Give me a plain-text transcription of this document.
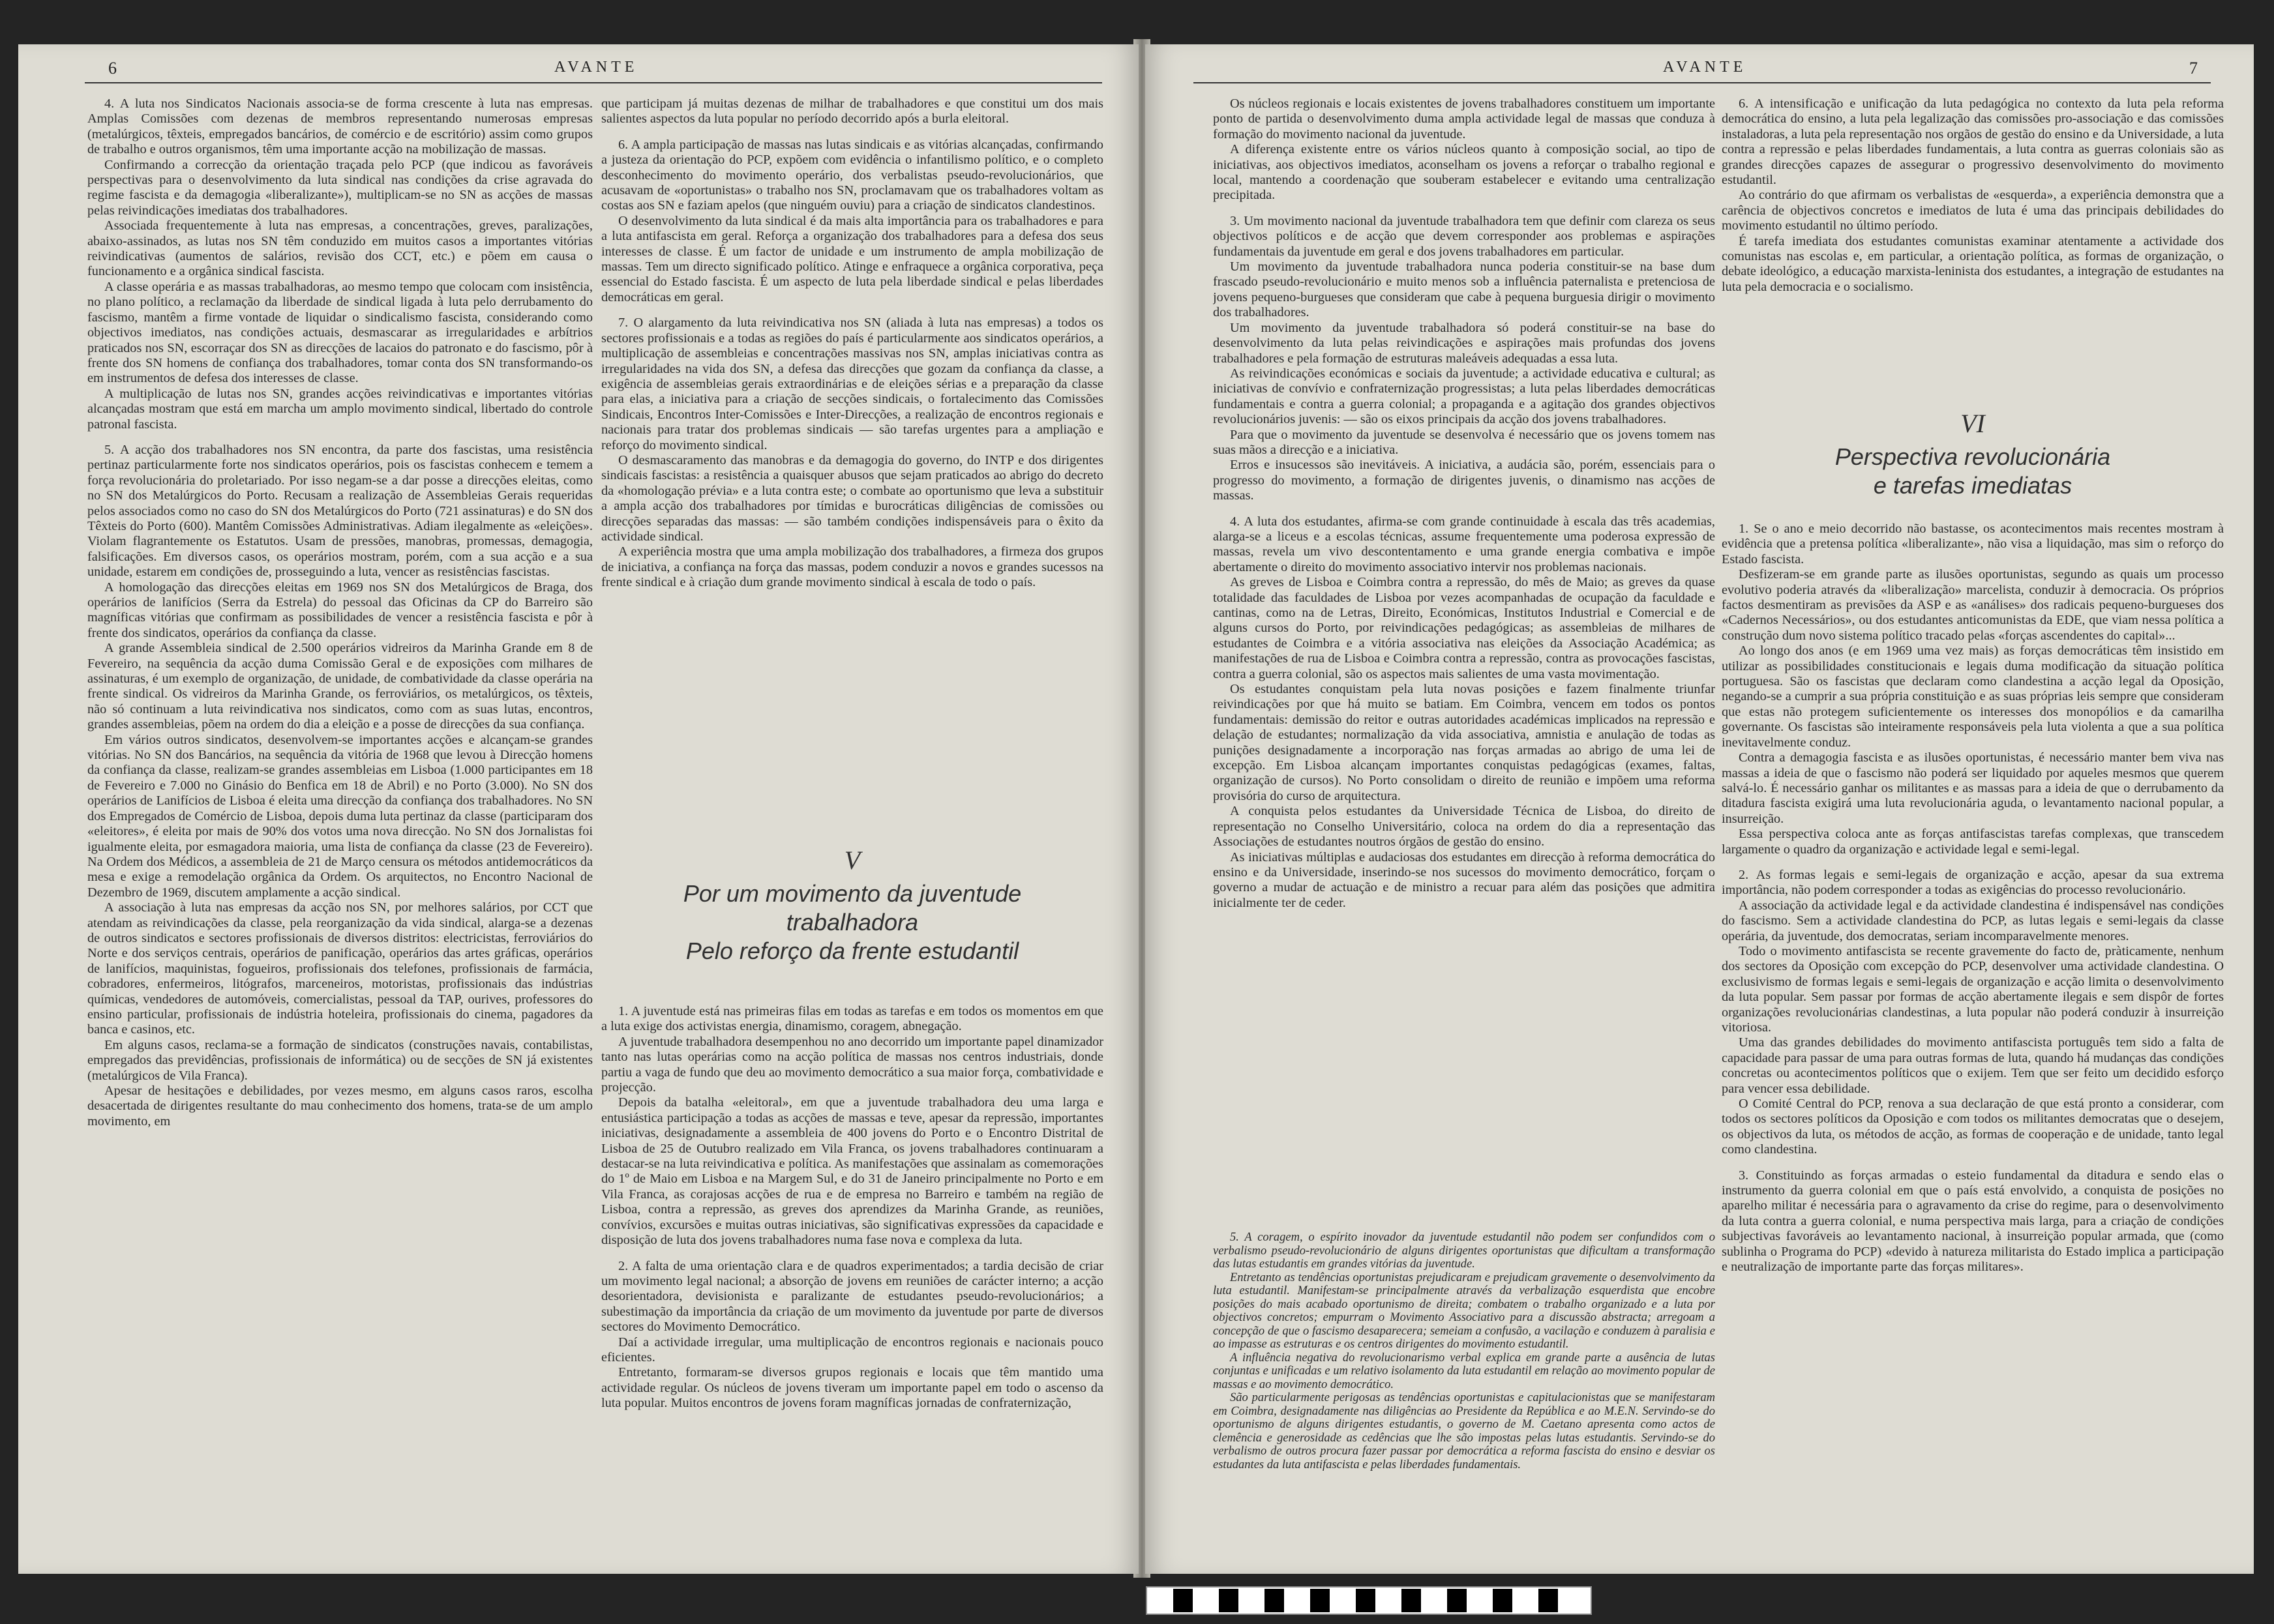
6	AVANTE	AVANTE	7

4. A luta nos Sindicatos Nacionais associa-se de forma crescente à luta nas empresas. Amplas Comissões com dezenas de membros representando numerosas empresas (metalúrgicos, têxteis, empregados bancários, de comércio e de escritório) assim como grupos de trabalho e outros organismos, têm uma importante acção na mobilização de massas.

Confirmando a correcção da orientação traçada pelo PCP (que indicou as favoráveis perspectivas para o desenvolvimento da luta sindical nas condições da crise agravada do regime fascista e da demagogia «liberalizante»), multiplicam-se no SN as acções de massas pelas reivindicações imediatas dos trabalhadores.

Associada frequentemente à luta nas empresas, a concentrações, greves, paralizações, abaixo-assinados, as lutas nos SN têm conduzido em muitos casos a importantes vitórias reivindicativas (aumentos de salários, revisão dos CCT, etc.) e põem em causa o funcionamento e a orgânica sindical fascista.

A classe operária e as massas trabalhadoras, ao mesmo tempo que colocam com insistência, no plano político, a reclamação da liberdade de sindical ligada à luta pelo derrubamento do fascismo, mantêm a firme vontade de liquidar o sindicalismo fascista, considerando como objectivos imediatos, nas condições actuais, desmascarar as irregularidades e arbítrios praticados nos SN, escorraçar dos SN as direcções de lacaios do patronato e do fascismo, pôr à frente dos SN homens de confiança dos trabalhadores, tomar conta dos SN transformando-os em instrumentos de defesa dos interesses de classe.

A multiplicação de lutas nos SN, grandes acções reivindicativas e importantes vitórias alcançadas mostram que está em marcha um amplo movimento sindical, libertado do controle patronal fascista.

5. A acção dos trabalhadores nos SN encontra, da parte dos fascistas, uma resistência pertinaz particularmente forte nos sindicatos operários, pois os fascistas conhecem e temem a força revolucionária do proletariado. Por isso negam-se a dar posse a direcções eleitas, como no SN dos Metalúrgicos do Porto. Recusam a realização de Assembleias Gerais requeridas pelos associados como no caso do SN dos Metalúrgicos do Porto (721 assinaturas) e do SN dos Têxteis do Porto (600). Mantêm Comissões Administrativas. Adiam ilegalmente as «eleições». Violam flagrantemente os Estatutos. Usam de pressões, manobras, promessas, demagogia, falsificações. Em diversos casos, os operários mostram, porém, com a sua acção e a sua unidade, estarem em condições de, prosseguindo a luta, vencer as resistências fascistas.

A homologação das direcções eleitas em 1969 nos SN dos Metalúrgicos de Braga, dos operários de lanifícios (Serra da Estrela) do pessoal das Oficinas da CP do Barreiro são magníficas vitórias que confirmam as possibilidades de vencer a resistência fascista e pôr à frente dos sindicatos, operários da confiança da classe.

A grande Assembleia sindical de 2.500 operários vidreiros da Marinha Grande em 8 de Fevereiro, na sequência da acção duma Comissão Geral e de exposições com milhares de assinaturas, é um exemplo de organização, de unidade, de combatividade da classe operária na frente sindical. Os vidreiros da Marinha Grande, os ferroviários, os metalúrgicos, os têxteis, não só continuam a luta reivindicativa nos sindicatos, como com as suas lutas, encontros, grandes assembleias, põem na ordem do dia a eleição e a posse de direcções da sua confiança.

Em vários outros sindicatos, desenvolvem-se importantes acções e alcançam-se grandes vitórias. No SN dos Bancários, na sequência da vitória de 1968 que levou à Direcção homens da confiança da classe, realizam-se grandes assembleias em Lisboa (1.000 participantes em 18 de Fevereiro e 7.000 no Ginásio do Benfica em 18 de Abril) e no Porto (3.000). No SN dos operários de Lanifícios de Lisboa é eleita uma direcção da confiança dos trabalhadores. No SN dos Empregados de Comércio de Lisboa, depois duma luta pertinaz da classe (participaram dos «eleitores», é eleita por mais de 90% dos votos uma nova direcção. No SN dos Jornalistas foi igualmente eleita, por esmagadora maioria, uma lista de confiança da classe (23 de Fevereiro). Na Ordem dos Médicos, a assembleia de 21 de Março censura os métodos antidemocráticos da mesa e exige a remodelação orgânica da Ordem. Os arquitectos, no Encontro Nacional de Dezembro de 1969, discutem amplamente a acção sindical.

A associação à luta nas empresas da acção nos SN, por melhores salários, por CCT que atendam as reivindicações da classe, pela reorganização da vida sindical, alarga-se a dezenas de outros sindicatos e sectores profissionais de diversos distritos: electricistas, ferroviários do Norte e dos serviços centrais, operários de panificação, operários das artes gráficas, operários de lanifícios, maquinistas, fogueiros, profissionais dos telefones, profissionais de farmácia, cobradores, enfermeiros, litógrafos, marceneiros, motoristas, profissionais das indústrias químicas, vendedores de automóveis, comercialistas, pessoal da TAP, ourives, professores do ensino particular, profissionais de indústria hoteleira, profissionais do cinema, pagadores da banca e casinos, etc.

Em alguns casos, reclama-se a formação de sindicatos (construções navais, contabilistas, empregados das previdências, profissionais de informática) ou de secções de SN já existentes (metalúrgicos de Vila Franca).

Apesar de hesitações e debilidades, por vezes mesmo, em alguns casos raros, escolha desacertada de dirigentes resultante do mau conhecimento dos homens, trata-se de um amplo movimento, em

que participam já muitas dezenas de milhar de trabalhadores e que constitui um dos mais salientes aspectos da luta popular no período decorrido após a burla eleitoral.

6. A ampla participação de massas nas lutas sindicais e as vitórias alcançadas, confirmando a justeza da orientação do PCP, expõem com evidência o infantilismo político, e o completo desconhecimento do movimento operário, dos verbalistas pseudo-revolucionários, que acusavam de «oportunistas» o trabalho nos SN, proclamavam que os trabalhadores voltam as costas aos SN e faziam apelos (que ninguém ouviu) para a criação de sindicatos clandestinos.

O desenvolvimento da luta sindical é da mais alta importância para os trabalhadores e para a luta antifascista em geral. Reforça a organização dos trabalhadores para a defesa dos seus interesses de classe. É um factor de unidade e um instrumento de ampla mobilização de massas. Tem um directo significado político. Atinge e enfraquece a orgânica corporativa, peça essencial do Estado fascista. É um aspecto de luta pela liberdade sindical e pelas liberdades democráticas em geral.

7. O alargamento da luta reivindicativa nos SN (aliada à luta nas empresas) a todos os sectores profissionais e a todas as regiões do país é particularmente aos sindicatos operários, a multiplicação de assembleias e concentrações massivas nos SN, amplas iniciativas contra as irregularidades na vida dos SN, a defesa das direcções que gozam da confiança da classe, a exigência de assembleias gerais extraordinárias e de eleições sérias e a preparação da classe para elas, a iniciativa para a criação de secções sindicais, o fortalecimento das Comissões Sindicais, Encontros Inter-Comissões e Inter-Direcções, a realização de encontros regionais e nacionais para tratar dos problemas sindicais — são tarefas urgentes para a ampliação e reforço do movimento sindical.

O desmascaramento das manobras e da demagogia do governo, do INTP e dos dirigentes sindicais fascistas: a resistência a quaisquer abusos que sejam praticados ao abrigo do decreto da «homologação prévia» e a luta contra este; o combate ao oportunismo que leva a substituir a ampla acção dos trabalhadores por tímidas e burocráticas diligências de comissões ou direcções separadas das massas: — são também condições indispensáveis para o êxito da actividade sindical.

A experiência mostra que uma ampla mobilização dos trabalhadores, a firmeza dos grupos de iniciativa, a confiança na força das massas, podem conduzir a novos e grandes sucessos na frente sindical e à criação dum grande movimento sindical à escala de todo o país.

V
Por um movimento da juventude
trabalhadora
Pelo reforço da frente estudantil

1. A juventude está nas primeiras filas em todas as tarefas e em todos os momentos em que a luta exige dos activistas energia, dinamismo, coragem, abnegação.

A juventude trabalhadora desempenhou no ano decorrido um importante papel dinamizador tanto nas lutas operárias como na acção política de massas nos centros industriais, donde partiu a vaga de fundo que deu ao movimento democrático a sua maior força, combatividade e projecção.

Depois da batalha «eleitoral», em que a juventude trabalhadora deu uma larga e entusiástica participação a todas as acções de massas e teve, apesar da repressão, importantes iniciativas, designadamente a assembleia de 400 jovens do Porto e o Encontro Distrital de Lisboa de 25 de Outubro realizado em Vila Franca, os jovens trabalhadores continuaram a destacar-se na luta reivindicativa e política. As manifestações que assinalam as comemorações do 1º de Maio em Lisboa e na Margem Sul, e do 31 de Janeiro principalmente no Porto e em Vila Franca, as corajosas acções de rua e de empresa no Barreiro e também na região de Lisboa, contra a repressão, as greves dos aprendizes da Marinha Grande, as reuniões, convívios, excursões e muitas outras iniciativas, são significativas expressões da capacidade e disposição de luta dos jovens trabalhadores numa fase nova e complexa da luta.

2. A falta de uma orientação clara e de quadros experimentados; a tardia decisão de criar um movimento legal nacional; a absorção de jovens em reuniões de carácter interno; a acção desorientadora, devisionista e paralizante de estudantes pseudo-revolucionários; a subestimação da importância da criação de um movimento da juventude por parte de diversos sectores do Movimento Democrático.

Daí a actividade irregular, uma multiplicação de encontros regionais e nacionais pouco eficientes.

Entretanto, formaram-se diversos grupos regionais e locais que têm mantido uma actividade regular. Os núcleos de jovens tiveram um importante papel em todo o ascenso da luta popular. Muitos encontros de jovens foram magníficas jornadas de confraternização,

Os núcleos regionais e locais existentes de jovens trabalhadores constituem um importante ponto de partida o desenvolvimento duma ampla actividade legal de massas que conduza à formação do movimento nacional da juventude.

A diferença existente entre os vários núcleos quanto à composição social, ao tipo de iniciativas, aos objectivos imediatos, aconselham os jovens a reforçar o trabalho regional e local, mantendo a coordenação que souberam estabelecer e evitando uma centralização precipitada.

3. Um movimento nacional da juventude trabalhadora tem que definir com clareza os seus objectivos políticos e de acção que devem corresponder aos problemas e aspirações fundamentais da juventude em geral e dos jovens trabalhadores em particular.

Um movimento da juventude trabalhadora nunca poderia constituir-se na base dum frascado pseudo-revolucionário e muito menos sob a influência paternalista e pretenciosa de jovens pequeno-burgueses que consideram que cabe à pequena burguesia dirigir o movimento dos trabalhadores.

Um movimento da juventude trabalhadora só poderá constituir-se na base do desenvolvimento da luta pelas reivindicações e aspirações mais profundas dos jovens trabalhadores e pela formação de estruturas maleáveis adequadas a essa luta.

As reivindicações económicas e sociais da juventude; a actividade educativa e cultural; as iniciativas de convívio e confraternização progressistas; a luta pelas liberdades democráticas fundamentais e contra a guerra colonial; a propaganda e a agitação dos grandes objectivos revolucionários juvenis: — são os eixos principais da acção dos jovens trabalhadores.

Para que o movimento da juventude se desenvolva é necessário que os jovens tomem nas suas mãos a direcção e a iniciativa.

Erros e insucessos são inevitáveis. A iniciativa, a audácia são, porém, essenciais para o progresso do movimento, a formação de dirigentes juvenis, o dinamismo nas acções de massas.

4. A luta dos estudantes, afirma-se com grande continuidade à escala das três academias, alarga-se a liceus e a escolas técnicas, assume frequentemente uma poderosa expressão de massas, revela um vivo descontentamento e uma grande energia combativa e impõe abertamente o direito do movimento associativo intervir nos problemas nacionais.

As greves de Lisboa e Coimbra contra a repressão, do mês de Maio; as greves da quase totalidade das faculdades de Lisboa por vezes acompanhadas de ocupação da faculdade e cantinas, como na de Letras, Direito, Económicas, Institutos Industrial e Comercial e de alguns cursos do Porto, por reivindicações pedagógicas; as assembleias de milhares de estudantes de Coimbra e a vitória associativa nas eleições da Associação Académica; as manifestações de rua de Lisboa e Coimbra contra a repressão, contra as provocações fascistas, contra a guerra colonial, são os aspectos mais salientes de uma vasta movimentação.

Os estudantes conquistam pela luta novas posições e fazem finalmente triunfar reivindicações por que há muito se batiam. Em Coimbra, vencem em todos os pontos fundamentais: demissão do reitor e outras autoridades académicas implicados na repressão e delação de estudantes; normalização da vida associativa, amnistia e anulação de todas as punições designadamente a incorporação nas forças armadas ao abrigo de uma lei de excepção. Em Lisboa alcançam importantes conquistas pedagógicas (exames, faltas, organização de cursos). No Porto consolidam o direito de reunião e impõem uma reforma provisória do curso de arquitectura.

A conquista pelos estudantes da Universidade Técnica de Lisboa, do direito de representação no Conselho Universitário, coloca na ordem do dia a representação das Associações de estudantes noutros órgãos de gestão do ensino.

As iniciativas múltiplas e audaciosas dos estudantes em direcção à reforma democrática do ensino e da Universidade, inserindo-se nos sucessos do movimento democrático, forçam o governo a mudar de actuação e de ministro a recuar para além das posições que admitira inicialmente ter de ceder.

5. A coragem, o espírito inovador da juventude estudantil não podem ser confundidos com o verbalismo pseudo-revolucionário de alguns dirigentes oportunistas que dificultam a transformação das lutas estudantis em grandes vitórias da juventude.

Entretanto as tendências oportunistas prejudicaram e prejudicam gravemente o desenvolvimento da luta estudantil. Manifestam-se principalmente através da verbalização esquerdista que encobre posições do mais acabado oportunismo de direita; combatem o trabalho organizado e a luta por objectivos concretos; empurram o Movimento Associativo para a discussão abstracta; arregoam a concepção de que o fascismo desaparecera; semeiam a confusão, a vacilação e conduzem à paralisia e ao impasse as estruturas e os centros dirigentes do movimento estudantil.

A influência negativa do revolucionarismo verbal explica em grande parte a ausência de lutas conjuntas e unificadas e um relativo isolamento da luta estudantil em relação ao movimento popular de massas e ao movimento democrático.

São particularmente perigosas as tendências oportunistas e capitulacionistas que se manifestaram em Coimbra, designadamente nas diligências ao Presidente da República e ao M.E.N. Servindo-se do oportunismo de alguns dirigentes estudantis, o governo de M. Caetano apresenta como actos de clemência e generosidade as cedências que lhe são impostas pelas lutas estudantis. Servindo-se do verbalismo de outros procura fazer passar por democrática a reforma fascista do ensino e desviar os estudantes da luta antifascista e pelas liberdades fundamentais.

6. A intensificação e unificação da luta pedagógica no contexto da luta pela reforma democrática do ensino, a luta pela legalização das comissões pro-associação e das comissões instaladoras, a luta pela representação nos orgãos de gestão do ensino e da Universidade, a luta contra a repressão e pelas liberdades fundamentais, a luta contra as guerras coloniais são as grandes direcções capazes de assegurar o progressivo desenvolvimento do movimento estudantil.

Ao contrário do que afirmam os verbalistas de «esquerda», a experiência demonstra que a carência de objectivos concretos e imediatos de luta é uma das principais debilidades do movimento estudantil no último período.

É tarefa imediata dos estudantes comunistas examinar atentamente a actividade dos comunistas nas escolas e, em particular, a orientação política, as formas de organização, o debate ideológico, a educação marxista-leninista dos estudantes, a integração de estudantes na luta pela democracia e o socialismo.

VI
Perspectiva revolucionária
e tarefas imediatas

1. Se o ano e meio decorrido não bastasse, os acontecimentos mais recentes mostram à evidência que a pretensa política «liberalizante», não visa a liquidação, mas sim o reforço do Estado fascista.

Desfizeram-se em grande parte as ilusões oportunistas, segundo as quais um processo evolutivo poderia através da «liberalização» marcelista, conduzir à democracia. Os próprios factos desmentiram as previsões da ASP e as «análises» dos radicais pequeno-burgueses dos «Cadernos Necessários», ou dos estudantes anticomunistas da EDE, que viam nessa política a construção dum novo sistema político tracado pelas «forças ascendentes do capital»...

Ao longo dos anos (e em 1969 uma vez mais) as forças democráticas têm insistido em utilizar as possibilidades constitucionais e legais duma modificação da situação política portuguesa. São os fascistas que declaram como clandestina a acção legal da Oposição, negando-se a cumprir a sua própria constituição e as suas próprias leis sempre que consideram que estas não protegem suficientemente os interesses dos monopólios e da camarilha governante. Os fascistas são inteiramente responsáveis pela luta violenta a que a sua política inevitavelmente conduz.

Contra a demagogia fascista e as ilusões oportunistas, é necessário manter bem viva nas massas a ideia de que o fascismo não poderá ser liquidado por aqueles mesmos que querem salvá-lo. É necessário ganhar os militantes e as massas para a ideia de que o derrubamento da ditadura fascista exigirá uma luta revolucionária aguda, o levantamento nacional popular, a insurreição.

Essa perspectiva coloca ante as forças antifascistas tarefas complexas, que transcedem largamente o quadro da organização e actividade legal e semi-legal.

2. As formas legais e semi-legais de organização e acção, apesar da sua extrema importância, não podem corresponder a todas as exigências do processo revolucionário.

A associação da actividade legal e da actividade clandestina é indispensável nas condições do fascismo. Sem a actividade clandestina do PCP, as lutas legais e semi-legais da classe operária, da juventude, dos democratas, seriam incomparavelmente menores.

Todo o movimento antifascista se recente gravemente do facto de, pràticamente, nenhum dos sectores da Oposição com excepção do PCP, desenvolver uma actividade clandestina. O exclusivismo de formas legais e semi-legais de organização e acção limita o desenvolvimento da luta popular. Sem passar por formas de acção abertamente ilegais e sem dispôr de fortes organizações revolucionárias clandestinas, a luta popular não poderá conduzir à insurreição vitoriosa.

Uma das grandes debilidades do movimento antifascista português tem sido a falta de capacidade para passar de uma para outras formas de luta, quando há mudanças das condições concretas ou acontecimentos políticos que o exijem. Tem que ser feito um decidido esforço para vencer essa debilidade.

O Comité Central do PCP, renova a sua declaração de que está pronto a considerar, com todos os sectores políticos da Oposição e com todos os militantes democratas que o desejem, os objectivos da luta, os métodos de acção, as formas de cooperação e de unidade, tanto legal como clandestina.

3. Constituindo as forças armadas o esteio fundamental da ditadura e sendo elas o instrumento da guerra colonial em que o país está envolvido, a conquista de posições no aparelho militar é necessária para o agravamento da crise do regime, para o desenvolvimento da luta contra a guerra colonial, e numa perspectiva mais larga, para a criação de condições subjectivas favoráveis ao levantamento nacional, à insurreição popular armada, que (como sublinha o Programa do PCP) «devido à natureza militarista do Estado implica a participação e neutralização de importante parte das forças militares».
